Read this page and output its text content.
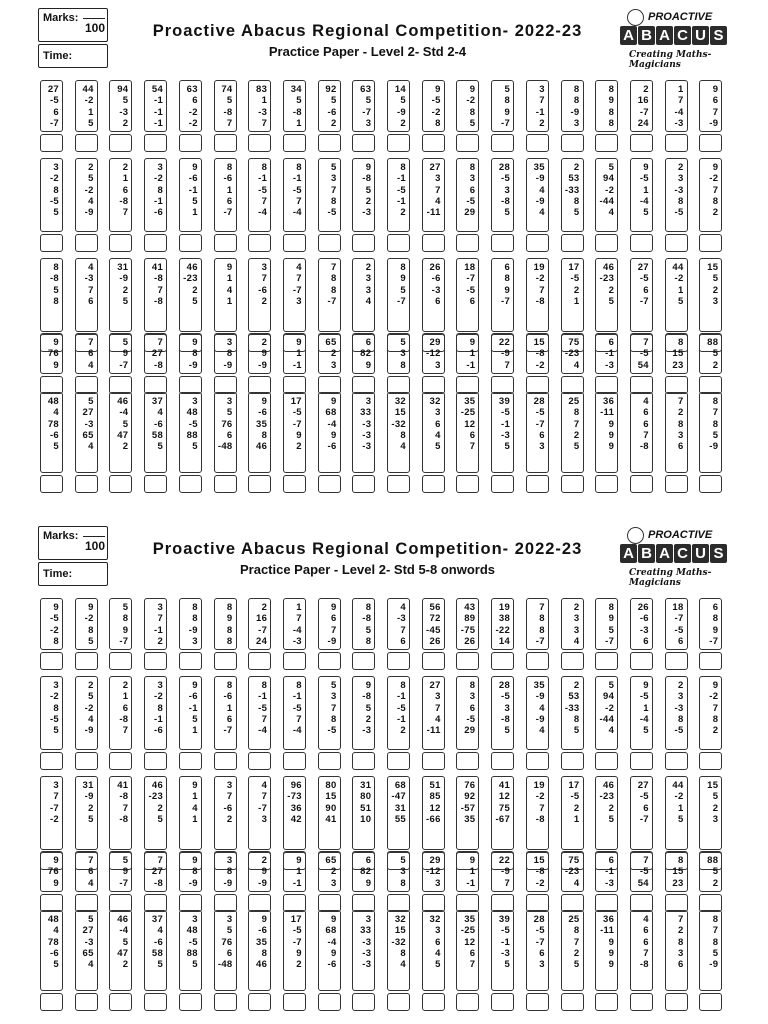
Marks:
100
Time:
Proactive Abacus Regional Competition- 2022-23
Practice Paper - Level 2- Std 2-4
PROACTIVE
A B A C U S
Creating Maths-Magicians
27
-5
6
-7
44
-2
1
5
94
5
-3
2
54
-1
-1
-1
63
6
-2
-2
74
5
-8
7
83
1
-3
7
34
5
-8
1
92
5
-6
2
63
5
-7
3
14
5
-9
2
9
-5
-2
8
9
-2
8
5
5
8
9
-7
3
7
-1
2
8
8
-9
3
8
9
8
8
2
16
-7
24
1
7
-4
-3
9
6
7
-9
3
-2
8
-5
5
2
5
-2
4
-9
2
1
6
-8
7
3
-2
8
-1
-6
9
-6
-1
5
1
8
-6
1
6
-7
8
-1
-5
7
-4
8
-1
-5
7
-4
5
3
7
8
-5
9
-8
5
2
-3
8
-1
-5
-1
2
27
3
7
4
-11
8
3
6
-5
29
28
-5
3
-8
5
35
-9
4
-9
4
2
53
-33
8
5
5
94
-2
-44
4
9
-5
1
-4
5
2
3
-3
8
-5
9
-2
7
8
2
8
-8
5
8
4
-3
7
6
31
-9
2
5
41
-8
7
-8
46
-23
2
5
9
1
4
1
3
7
-6
2
4
7
-7
3
7
8
8
-7
2
3
3
4
8
9
5
-7
26
-6
-3
6
18
-7
-5
6
6
8
9
-7
19
-2
7
-8
17
-5
2
1
46
-23
2
5
27
-5
6
-7
44
-2
1
5
15
5
2
3
9
76
9
7
6
4
5
9
-7
7
27
-8
9
8
-9
3
8
-9
2
9
-9
9
1
-1
65
2
3
6
82
9
5
3
8
29
-12
3
9
1
-1
22
-9
7
15
-8
-2
75
-23
4
6
-1
-3
7
-5
54
8
15
23
88
5
2
48
4
78
-6
5
5
27
-3
65
4
46
-4
5
47
2
37
4
-6
58
5
3
48
-5
88
5
3
5
76
6
-48
9
-6
35
8
46
17
-5
-7
9
2
9
68
-4
9
-6
3
33
-3
-3
-3
32
15
-32
8
4
32
3
6
4
5
35
-25
12
6
7
39
-5
-1
-3
5
28
-5
-7
6
3
25
8
7
2
5
36
-11
9
9
9
4
6
6
7
-8
7
2
8
3
6
8
7
8
5
-9
Marks:
100
Time:
Proactive Abacus Regional Competition- 2022-23
Practice Paper - Level 2- Std 5-8 onwords
PROACTIVE
A B A C U S
Creating Maths-Magicians
9
-5
-2
8
9
-2
8
5
5
8
9
-7
3
7
-1
2
8
8
-9
3
8
9
8
8
2
16
-7
24
1
7
-4
-3
9
6
7
-9
8
-8
5
8
4
-3
7
6
56
72
-45
26
43
89
-75
26
19
38
-22
14
7
8
8
-7
2
3
3
4
8
9
5
-7
26
-6
-3
6
18
-7
-5
6
6
8
9
-7
3
-2
8
-5
5
2
5
-2
4
-9
2
1
6
-8
7
3
-2
8
-1
-6
9
-6
-1
5
1
8
-6
1
6
-7
8
-1
-5
7
-4
8
-1
-5
7
-4
5
3
7
8
-5
9
-8
5
2
-3
8
-1
-5
-1
2
27
3
7
4
-11
8
3
6
-5
29
28
-5
3
-8
5
35
-9
4
-9
4
2
53
-33
8
5
5
94
-2
-44
4
9
-5
1
-4
5
2
3
-3
8
-5
9
-2
7
8
2
3
7
-7
-2
31
-9
2
5
41
-8
7
-8
46
-23
2
5
9
1
4
1
3
7
-6
2
4
7
-7
3
96
-73
36
42
80
15
90
41
31
80
51
10
68
-47
31
55
51
85
12
-66
76
92
-57
35
41
12
75
-67
19
-2
7
-8
17
-5
2
1
46
-23
2
5
27
-5
6
-7
44
-2
1
5
15
5
2
3
9
76
9
7
6
4
5
9
-7
7
27
-8
9
8
-9
3
8
-9
2
9
-9
9
1
-1
65
2
3
6
82
9
5
3
8
29
-12
3
9
1
-1
22
-9
7
15
-8
-2
75
-23
4
6
-1
-3
7
-5
54
8
15
23
88
5
2
48
4
78
-6
5
5
27
-3
65
4
46
-4
5
47
2
37
4
-6
58
5
3
48
-5
88
5
3
5
76
6
-48
9
-6
35
8
46
17
-5
-7
9
2
9
68
-4
9
-6
3
33
-3
-3
-3
32
15
-32
8
4
32
3
6
4
5
35
-25
12
6
7
39
-5
-1
-3
5
28
-5
-7
6
3
25
8
7
2
5
36
-11
9
9
9
4
6
6
7
-8
7
2
8
3
6
8
7
8
5
-9
